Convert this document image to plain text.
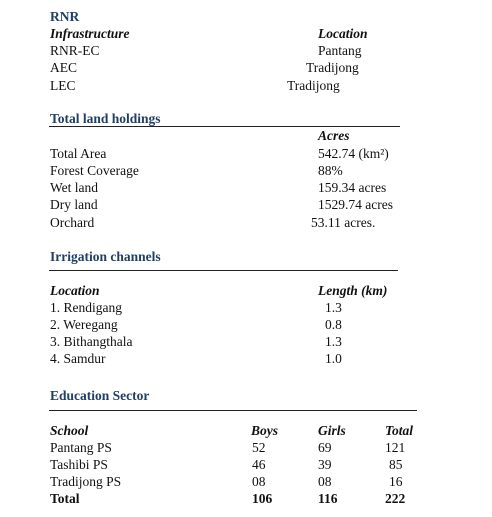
RNR
Infrastructure	Location
RNR-EC	Pantang
AEC	Tradijong
LEC	Tradijong
Total land holdings
Acres
Total Area	542.74 (km²)
Forest Coverage	88%
Wet land	159.34 acres
Dry land	1529.74 acres
Orchard	53.11 acres.
Irrigation channels
Location	Length (km)
1. Rendigang	1.3
2. Weregang	0.8
3. Bithangthala	1.3
4. Samdur	1.0
Education Sector
School	Boys	Girls	Total
Pantang PS	52	69	121
Tashibi PS	46	39	85
Tradijong PS	08	08	16
Total	106	116	222
